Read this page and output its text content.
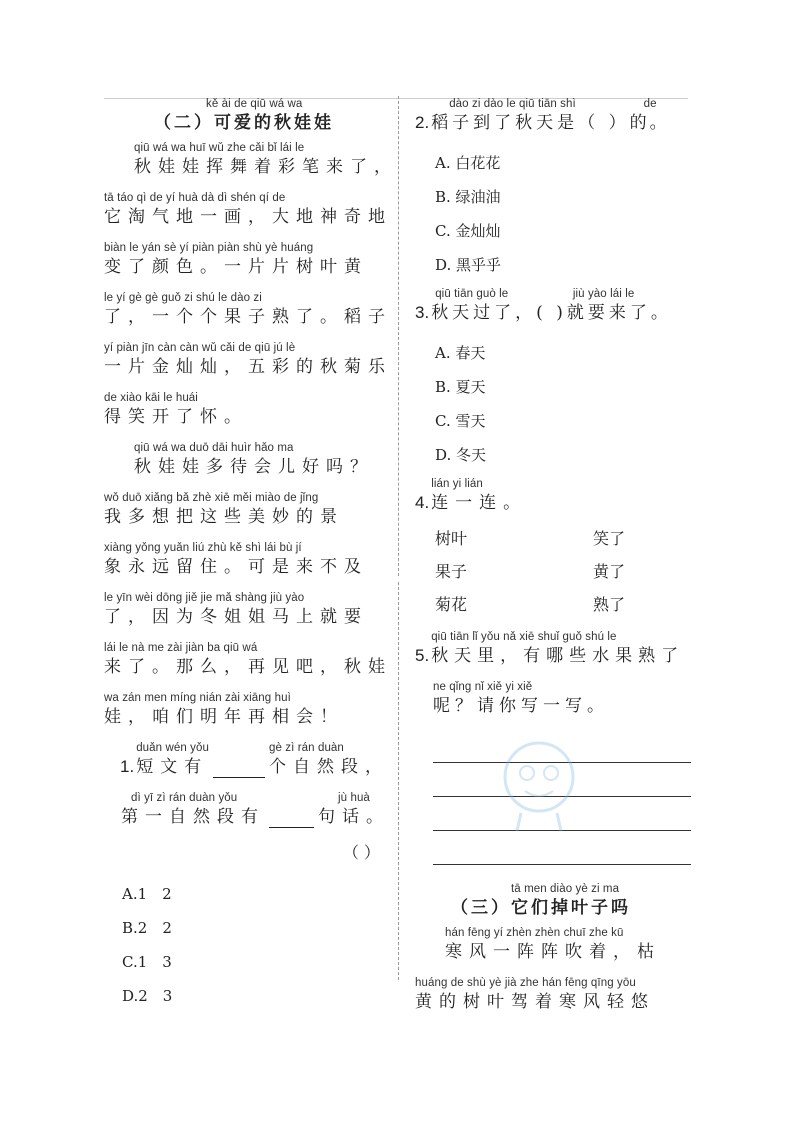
kě ài de qiū wá wa
（二）可爱的秋娃娃
qiū wá wa huī wǔ zhe cǎi bǐ lái le
秋娃娃挥舞着彩笔来了，
tā táo qì de yí huà dà dì shén qí de
它淘气地一画，大地神奇地
biàn le yán sè yí piàn piàn shù yè huáng
变了颜色。一片片树叶黄
le yí gè gè guǒ zi shú le dào zi
了，一个个果子熟了。稻子
yí piàn jīn càn càn wǔ cǎi de qiū jú lè
一片金灿灿，五彩的秋菊乐
de xiào kāi le huái
得笑开了怀。
qiū wá wa duō dāi huìr hǎo ma
秋娃娃多待会儿好吗？
wǒ duō xiǎng bǎ zhè xiē měi miào de jǐng
我多想把这些美妙的景
xiàng yǒng yuǎn liú zhù kě shì lái bù jí
象永远留住。可是来不及
le yīn wèi dōng jiě jie mǎ shàng jiù yào
了，因为冬姐姐马上就要
lái le nà me zài jiàn ba qiū wá
来了。那么，再见吧，秋娃
wa zán men míng nián zài xiāng huì
娃，咱们明年再相会！
1.
duǎn wén yǒu
短文有
gè zì rán duàn
个自然段，
dì yī zì rán duàn yǒu
第一自然段有
jù huà
句话。
（ ）
A.1　2
B.2　2
C.1　3
D.2　3
2.
dào zi dào le qiū tiān shì
稻子到了秋天是（ ）
de
的。
A. 白花花
B. 绿油油
C. 金灿灿
D. 黑乎乎
3.
qiū tiān guò le
秋天过了，( )
jiù yào lái le
就要来了。
A. 春天
B. 夏天
C. 雪天
D. 冬天
4.
lián yi lián
连一连。
树叶	笑了
果子	黄了
菊花	熟了
5.
qiū tiān lǐ yǒu nǎ xiē shuǐ guǒ shú le
秋天里，有哪些水果熟了
ne qǐng nǐ xiě yi xiě
呢？请你写一写。
tā men diào yè zi ma
（三）它们掉叶子吗
hán fēng yí zhèn zhèn chuī zhe kū
寒风一阵阵吹着，枯
huáng de shù yè jià zhe hán fēng qīng yōu
黄的树叶驾着寒风轻悠
